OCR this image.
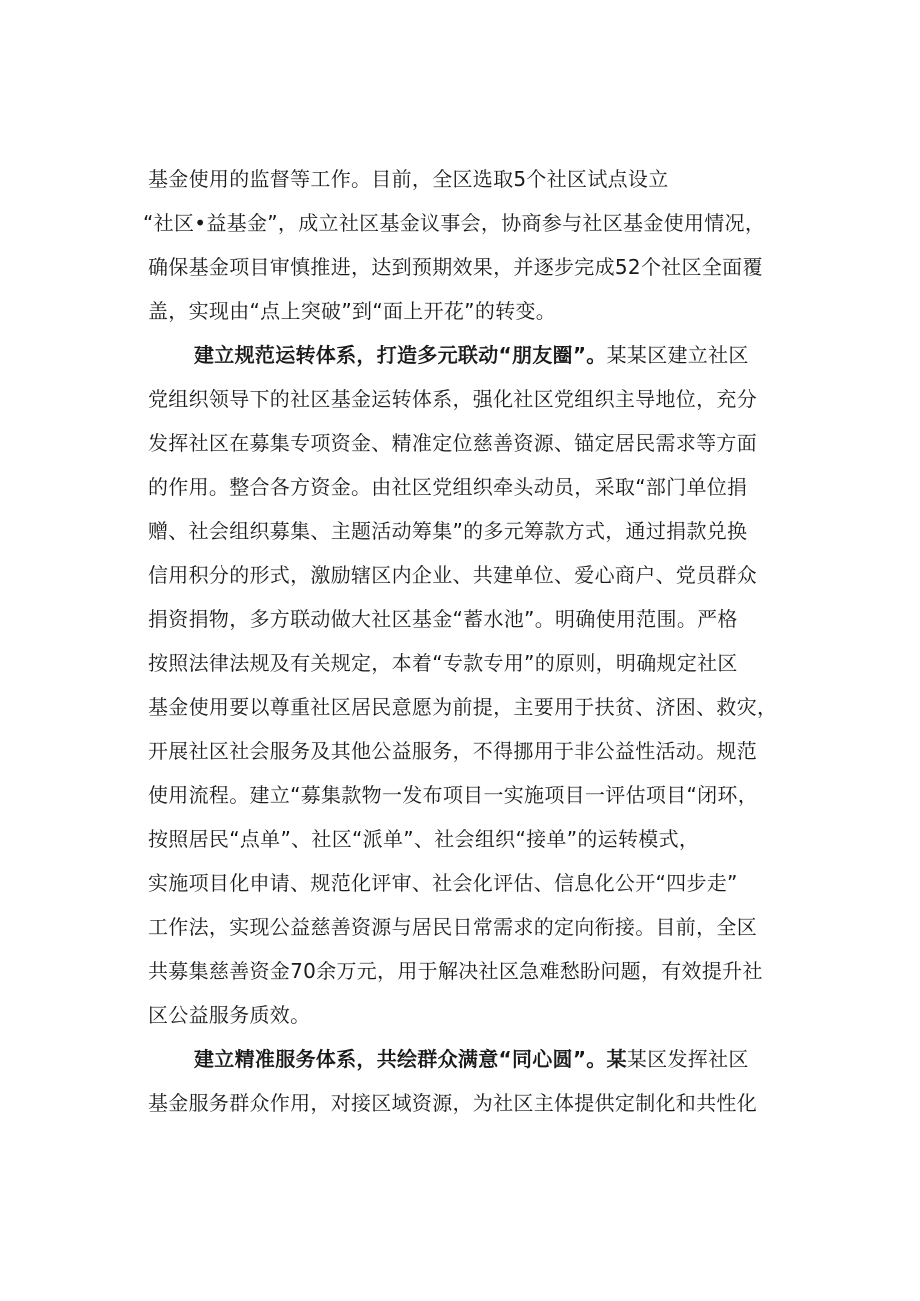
基金使用的监督等工作。目前，全区选取5个社区试点设立
“社区•益基金”，成立社区基金议事会，协商参与社区基金使用情况，
确保基金项目审慎推进，达到预期效果，并逐步完成52个社区全面覆
盖，实现由“点上突破”到“面上开花”的转变。
建立规范运转体系，打造多元联动“朋友圈”。某某区建立社区
党组织领导下的社区基金运转体系，强化社区党组织主导地位，充分
发挥社区在募集专项资金、精准定位慈善资源、锚定居民需求等方面
的作用。整合各方资金。由社区党组织牵头动员，采取“部门单位捐
赠、社会组织募集、主题活动筹集”的多元筹款方式，通过捐款兑换
信用积分的形式，激励辖区内企业、共建单位、爱心商户、党员群众
捐资捐物，多方联动做大社区基金“蓄水池”。明确使用范围。严格
按照法律法规及有关规定，本着“专款专用”的原则，明确规定社区
基金使用要以尊重社区居民意愿为前提，主要用于扶贫、济困、救灾，
开展社区社会服务及其他公益服务，不得挪用于非公益性活动。规范
使用流程。建立“募集款物一发布项目一实施项目一评估项目“闭环，
按照居民“点单”、社区“派单”、社会组织“接单”的运转模式，
实施项目化申请、规范化评审、社会化评估、信息化公开“四步走”
工作法，实现公益慈善资源与居民日常需求的定向衔接。目前，全区
共募集慈善资金70余万元，用于解决社区急难愁盼问题，有效提升社
区公益服务质效。
建立精准服务体系，共绘群众满意“同心圆”。某某区发挥社区
基金服务群众作用，对接区域资源，为社区主体提供定制化和共性化
